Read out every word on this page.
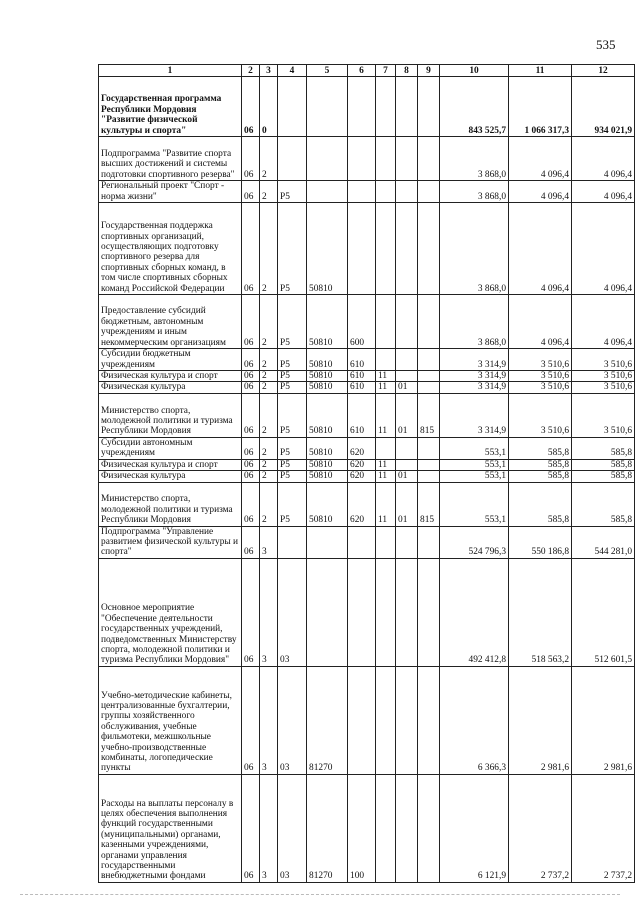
535
1	2	3	4	5	6	7	8	9	10	11	12
Государственная программа Республики Мордовия "Развитие физической культуры и спорта"	06	0							843 525,7	1 066 317,3	934 021,9
Подпрограмма "Развитие спорта высших достижений и системы подготовки спортивного резерва"	06	2							3 868,0	4 096,4	4 096,4
Региональный проект "Спорт - норма жизни"	06	2	P5						3 868,0	4 096,4	4 096,4
Государственная поддержка спортивных организаций, осуществляющих подготовку спортивного резерва для спортивных сборных команд, в том числе спортивных сборных команд Российской Федерации	06	2	P5	50810					3 868,0	4 096,4	4 096,4
Предоставление субсидий бюджетным, автономным учреждениям и иным некоммерческим организациям	06	2	P5	50810	600				3 868,0	4 096,4	4 096,4
Субсидии бюджетным учреждениям	06	2	P5	50810	610				3 314,9	3 510,6	3 510,6
Физическая культура и спорт	06	2	P5	50810	610	11			3 314,9	3 510,6	3 510,6
Физическая культура	06	2	P5	50810	610	11	01		3 314,9	3 510,6	3 510,6
Министерство спорта, молодежной политики и туризма Республики Мордовия	06	2	P5	50810	610	11	01	815	3 314,9	3 510,6	3 510,6
Субсидии автономным учреждениям	06	2	P5	50810	620				553,1	585,8	585,8
Физическая культура и спорт	06	2	P5	50810	620	11			553,1	585,8	585,8
Физическая культура	06	2	P5	50810	620	11	01		553,1	585,8	585,8
Министерство спорта, молодежной политики и туризма Республики Мордовия	06	2	P5	50810	620	11	01	815	553,1	585,8	585,8
Подпрограмма "Управление развитием физической культуры и спорта"	06	3							524 796,3	550 186,8	544 281,0
Основное мероприятие "Обеспечение деятельности государственных учреждений, подведомственных Министерству спорта, молодежной политики и туризма Республики Мордовия"	06	3	03						492 412,8	518 563,2	512 601,5
Учебно-методические кабинеты, централизованные бухгалтерии, группы хозяйственного обслуживания, учебные фильмотеки, межшкольные учебно-производственные комбинаты, логопедические пункты	06	3	03	81270					6 366,3	2 981,6	2 981,6
Расходы на выплаты персоналу в целях обеспечения выполнения функций государственными (муниципальными) органами, казенными учреждениями, органами управления государственными внебюджетными фондами	06	3	03	81270	100				6 121,9	2 737,2	2 737,2
